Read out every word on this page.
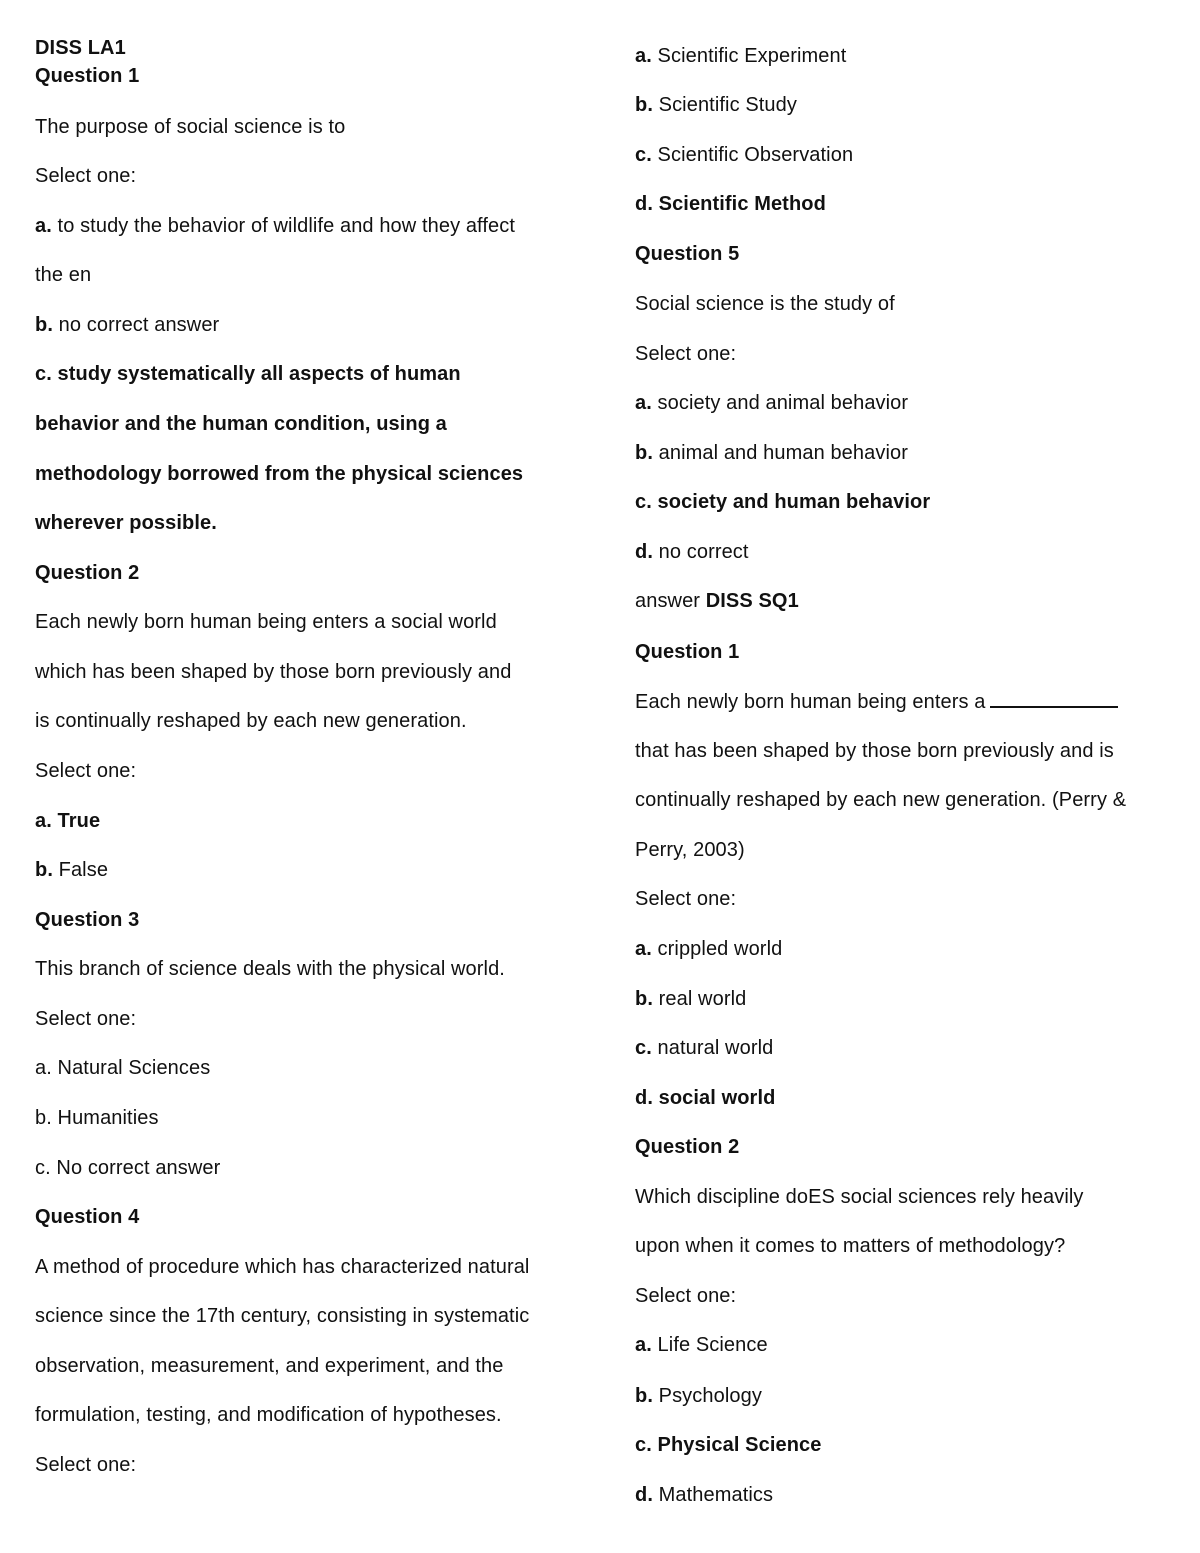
DISS LA1
Question 1
The purpose of social science is to
Select one:
a. to study the behavior of wildlife and how they affect
the en
b. no correct answer
c. study systematically all aspects of human
behavior and the human condition, using a
methodology borrowed from the physical sciences
wherever possible.
Question 2
Each newly born human being enters a social world
which has been shaped by those born previously and
is continually reshaped by each new generation.
Select one:
a. True
b. False
Question 3
This branch of science deals with the physical world.
Select one:
a. Natural Sciences
b. Humanities
c. No correct answer
Question 4
A method of procedure which has characterized natural
science since the 17th century, consisting in systematic
observation, measurement, and experiment, and the
formulation, testing, and modification of hypotheses.
Select one:
a. Scientific Experiment
b. Scientific Study
c. Scientific Observation
d. Scientific Method
Question 5
Social science is the study of
Select one:
a. society and animal behavior
b. animal and human behavior
c. society and human behavior
d. no correct
answer DISS SQ1
Question 1
Each newly born human being enters a
that has been shaped by those born previously and is
continually reshaped by each new generation. (Perry &
Perry, 2003)
Select one:
a. crippled world
b. real world
c. natural world
d. social world
Question 2
Which discipline doES social sciences rely heavily
upon when it comes to matters of methodology?
Select one:
a. Life Science
b. Psychology
c. Physical Science
d. Mathematics
